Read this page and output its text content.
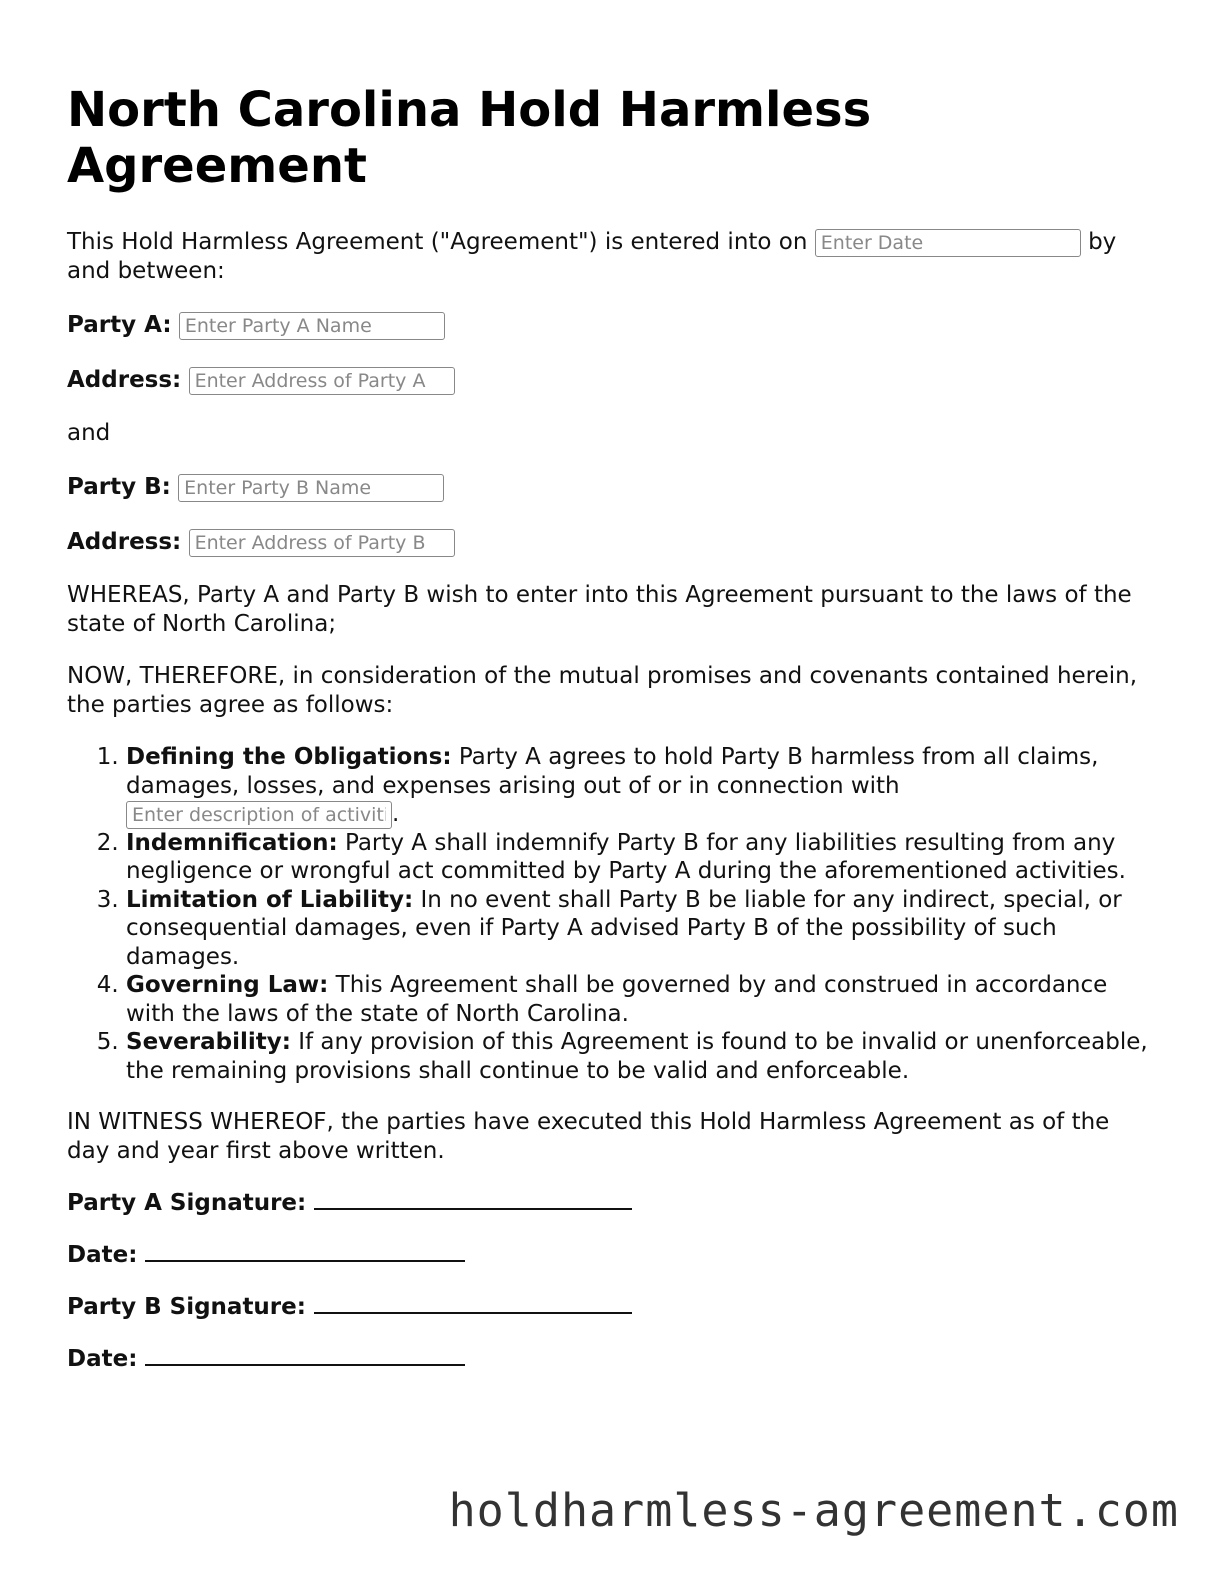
North Carolina Hold Harmless Agreement

This Hold Harmless Agreement ("Agreement") is entered into on Enter Date	by and between:

Party A: Enter Party A Name
Address: Enter Address of Party A

and

Party B: Enter Party B Name
Address: Enter Address of Party B

WHEREAS, Party A and Party B wish to enter into this Agreement pursuant to the laws of the state of North Carolina;

NOW, THEREFORE, in consideration of the mutual promises and covenants contained herein, the parties agree as follows:

1. Defining the Obligations: Party A agrees to hold Party B harmless from all claims, damages, losses, and expenses arising out of or in connection with Enter description of activities.
2. Indemnification: Party A shall indemnify Party B for any liabilities resulting from any negligence or wrongful act committed by Party A during the aforementioned activities.
3. Limitation of Liability: In no event shall Party B be liable for any indirect, special, or consequential damages, even if Party A advised Party B of the possibility of such damages.
4. Governing Law: This Agreement shall be governed by and construed in accordance with the laws of the state of North Carolina.
5. Severability: If any provision of this Agreement is found to be invalid or unenforceable, the remaining provisions shall continue to be valid and enforceable.

IN WITNESS WHEREOF, the parties have executed this Hold Harmless Agreement as of the day and year first above written.

Party A Signature:
Date:
Party B Signature:
Date:
holdharmless-agreement.com
